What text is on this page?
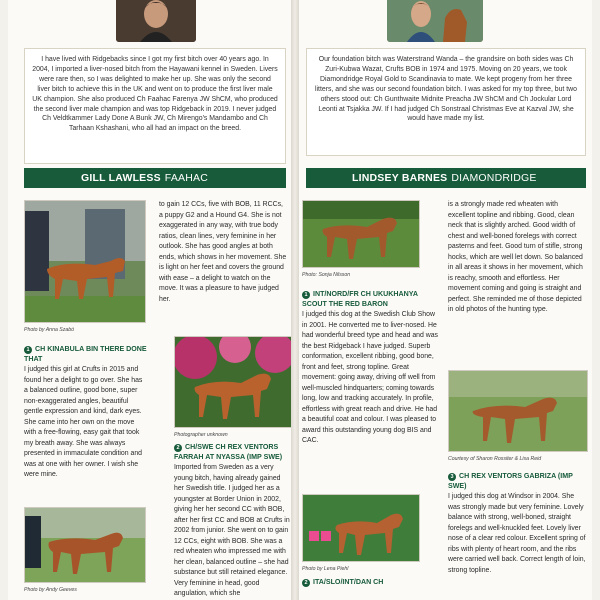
I have lived with Ridgebacks since I got my first bitch over 40 years ago. In 2004, I imported a liver-nosed bitch from the Hayawani kennel in Sweden. Livers were rare then, so I was delighted to make her up. She was only the second liver bitch to achieve this in the UK and went on to produce the first liver male UK champion. She also produced Ch Faahac Farenya JW ShCM, who produced the second liver male champion and was top Ridgeback in 2019. I never judged Ch Veldtkammer Lady Done A Bunk JW, Ch Mirengo's Mandambo and Ch Tarhaan Kshashani, who all had an impact on the breed.
GILL LAWLESS FAAHAC
Photo by Anna Szabó
1 CH KINABULA BIN THERE DONE THAT

I judged this girl at Crufts in 2015 and found her a delight to go over. She has a balanced outline, good bone, super non-exaggerated angles, beautiful gentle expression and kind, dark eyes. She came into her own on the move with a free-flowing, easy gait that took my breath away. She was always presented in immaculate condition and was at one with her owner. I wish she were mine.

Photo by Andy Geeves
to gain 12 CCs, five with BOB, 11 RCCs, a puppy G2 and a Hound G4. She is not exaggerated in any way, with true body ratios, clean lines, very feminine in her outlook. She has good angles at both ends, which shows in her movement. She is light on her feet and covers the ground with ease – a delight to watch on the move. It was a pleasure to have judged her.
Photographer unknown
2 CH/SWE CH REX VENTORS FARRAH AT NYASSA (IMP SWE)

Imported from Sweden as a very young bitch, having already gained her Swedish title. I judged her as a youngster at Border Union in 2002, giving her her second CC with BOB, after her first CC and BOB at Crufts in 2002 from junior. She went on to gain 12 CCs, eight with BOB. She was a red wheaten who impressed me with her clean, balanced outline – she had substance but still retained elegance. Very feminine in head, good angulation, which she

Our foundation bitch was Waterstrand Wanda – the grandsire on both sides was Ch Zuri-Kubwa Wazat, Crufts BOB in 1974 and 1975. Moving on 20 years, we took Diamondridge Royal Gold to Scandinavia to mate. We kept progeny from her three litters, and she was our second foundation bitch. I was asked for my top three, but two others stood out: Ch Gunthwaite Midnite Preacha JW ShCM and Ch Jockular Lord Leonti at Tsjakka JW. If I had judged Ch Sonstraal Christmas Eve at Kazval JW, she would have made my list.
LINDSEY BARNES DIAMONDRIDGE
Photo: Sonja Nilsson
1 INT/NORD/FR CH UKUKHANYA SCOUT THE RED BARON

I judged this dog at the Swedish Club Show in 2001. He converted me to liver-nosed. He had wonderful breed type and head and was the best Ridgeback I have judged. Superb conformation, excellent ribbing, good bone, front and feet, strong topline. Great movement: going away, driving off well from well-muscled hindquarters; coming towards long, low and tracking accurately. In profile, effortless with great reach and drive. He had a beautiful coat and colour. I was pleased to award this outstanding young dog BIS and CAC.

Photo by Lena Piehl
2 ITA/SLO/INT/DAN CH
is a strongly made red wheaten with excellent topline and ribbing. Good, clean neck that is slightly arched. Good width of chest and well-boned forelegs with correct pasterns and feet. Good turn of stifle, strong hocks, which are well let down. So balanced in all areas it shows in her movement, which is reachy, smooth and effortless. Her movement coming and going is straight and perfect. She reminded me of those depicted in old photos of the hunting type.
Courtesy of Sharon Rossiter & Lisa Reid
3 CH REX VENTORS GABRIZA (IMP SWE)

I judged this dog at Windsor in 2004. She was strongly made but very feminine. Lovely balance with strong, well-boned, straight forelegs and well-knuckled feet. Lovely liver nose of a clear red colour. Excellent spring of ribs with plenty of heart room, and the ribs were carried well back. Correct length of loin, strong topline.
